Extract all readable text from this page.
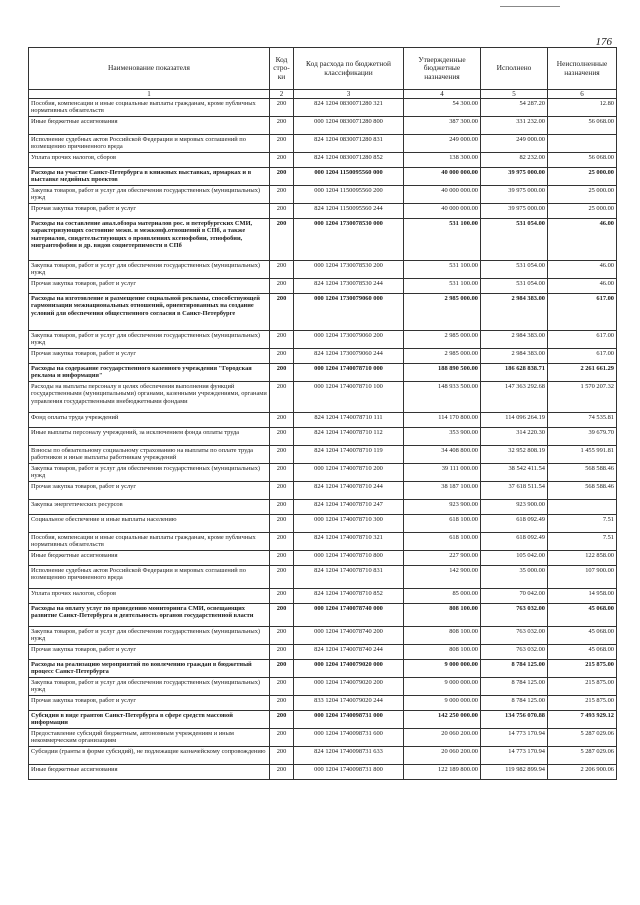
176
Наименование показателя	Код стро-ки	Код расхода по бюджетной классификации	Утвержденные бюджетные назначения	Исполнено	Неисполненные назначения
1	2	3	4	5	6
Пособия, компенсации и иные социальные выплаты гражданам, кроме публичных нормативных обязательств	200	824 1204 0830071280 321	54 300.00	54 287.20	12.80
Иные бюджетные ассигнования	200	000 1204 0830071280 800	387 300.00	331 232.00	56 068.00
Исполнение судебных актов Российской Федерации и мировых соглашений по возмещению причиненного вреда	200	824 1204 0830071280 831	249 000.00	249 000.00	
Уплата прочих налогов, сборов	200	824 1204 0830071280 852	138 300.00	82 232.00	56 068.00
Расходы на участие Санкт-Петербурга в книжных выставках, ярмарках и в выставке медийных проектов	200	000 1204 1150095560 000	40 000 000.00	39 975 000.00	25 000.00
Закупка товаров, работ и услуг для обеспечения государственных (муниципальных) нужд	200	000 1204 1150095560 200	40 000 000.00	39 975 000.00	25 000.00
Прочая закупка товаров, работ и услуг	200	824 1204 1150095560 244	40 000 000.00	39 975 000.00	25 000.00
Расходы на составление анал.обзора материалов рос. и петербургских СМИ, характеризующих состояние межн. и межконф.отношений в СПб, а также материалов, свидетельствующих о проявлениях ксенофобии, этнофобии, мигрантофобии и др. видов социетерпимости в СПб	200	000 1204 1730078530 000	531 100.00	531 054.00	46.00
Закупка товаров, работ и услуг для обеспечения государственных (муниципальных) нужд	200	000 1204 1730078530 200	531 100.00	531 054.00	46.00
Прочая закупка товаров, работ и услуг	200	824 1204 1730078530 244	531 100.00	531 054.00	46.00
Расходы на изготовление и размещение социальной рекламы, способствующей гармонизации межнациональных отношений, ориентированных на создание условий для обеспечения общественного согласия в Санкт-Петербурге	200	000 1204 1730079060 000	2 985 000.00	2 984 383.00	617.00
Закупка товаров, работ и услуг для обеспечения государственных (муниципальных) нужд	200	000 1204 1730079060 200	2 985 000.00	2 984 383.00	617.00
Прочая закупка товаров, работ и услуг	200	824 1204 1730079060 244	2 985 000.00	2 984 383.00	617.00
Расходы на содержание государственного казенного учреждения "Городская реклама и информация"	200	000 1204 1740078710 000	188 890 500.00	186 628 838.71	2 261 661.29
Расходы на выплаты персоналу в целях обеспечения выполнения функций государственными (муниципальными) органами, казенными учреждениями, органами управления государственными внебюджетными фондами	200	000 1204 1740078710 100	148 933 500.00	147 363 292.68	1 570 207.32
Фонд оплаты труда учреждений	200	824 1204 1740078710 111	114 170 800.00	114 096 264.19	74 535.81
Иные выплаты персоналу учреждений, за исключением фонда оплаты труда	200	824 1204 1740078710 112	353 900.00	314 220.30	39 679.70
Взносы по обязательному социальному страхованию на выплаты по оплате труда работников и иные выплаты работникам учреждений	200	824 1204 1740078710 119	34 408 800.00	32 952 808.19	1 455 991.81
Закупка товаров, работ и услуг для обеспечения государственных (муниципальных) нужд	200	000 1204 1740078710 200	39 111 000.00	38 542 411.54	568 588.46
Прочая закупка товаров, работ и услуг	200	824 1204 1740078710 244	38 187 100.00	37 618 511.54	568 588.46
Закупка энергетических ресурсов	200	824 1204 1740078710 247	923 900.00	923 900.00	
Социальное обеспечение и иные выплаты населению	200	000 1204 1740078710 300	618 100.00	618 092.49	7.51
Пособия, компенсации и иные социальные выплаты гражданам, кроме публичных нормативных обязательств	200	824 1204 1740078710 321	618 100.00	618 092.49	7.51
Иные бюджетные ассигнования	200	000 1204 1740078710 800	227 900.00	105 042.00	122 858.00
Исполнение судебных актов Российской Федерации и мировых соглашений по возмещению причиненного вреда	200	824 1204 1740078710 831	142 900.00	35 000.00	107 900.00
Уплата прочих налогов, сборов	200	824 1204 1740078710 852	85 000.00	70 042.00	14 958.00
Расходы на оплату услуг по проведению мониторинга СМИ, освещающих развитие Санкт-Петербурга и деятельность органов государственной власти	200	000 1204 1740078740 000	808 100.00	763 032.00	45 068.00
Закупка товаров, работ и услуг для обеспечения государственных (муниципальных) нужд	200	000 1204 1740078740 200	808 100.00	763 032.00	45 068.00
Прочая закупка товаров, работ и услуг	200	824 1204 1740078740 244	808 100.00	763 032.00	45 068.00
Расходы на реализацию мероприятий по вовлечению граждан в бюджетный процесс Санкт-Петербурга	200	000 1204 1740079020 000	9 000 000.00	8 784 125.00	215 875.00
Закупка товаров, работ и услуг для обеспечения государственных (муниципальных) нужд	200	000 1204 1740079020 200	9 000 000.00	8 784 125.00	215 875.00
Прочая закупка товаров, работ и услуг	200	833 1204 1740079020 244	9 000 000.00	8 784 125.00	215 875.00
Субсидии в виде грантов Санкт-Петербурга в сфере средств массовой информации	200	000 1204 1740098731 000	142 250 000.00	134 756 070.88	7 493 929.12
Предоставление субсидий бюджетным, автономным учреждениям и иным некоммерческим организациям	200	000 1204 1740098731 600	20 060 200.00	14 773 170.94	5 287 029.06
Субсидии (гранты в форме субсидий), не подлежащие казначейскому сопровождению	200	824 1204 1740098731 633	20 060 200.00	14 773 170.94	5 287 029.06
Иные бюджетные ассигнования	200	000 1204 1740098731 800	122 189 800.00	119 982 899.94	2 206 900.06
